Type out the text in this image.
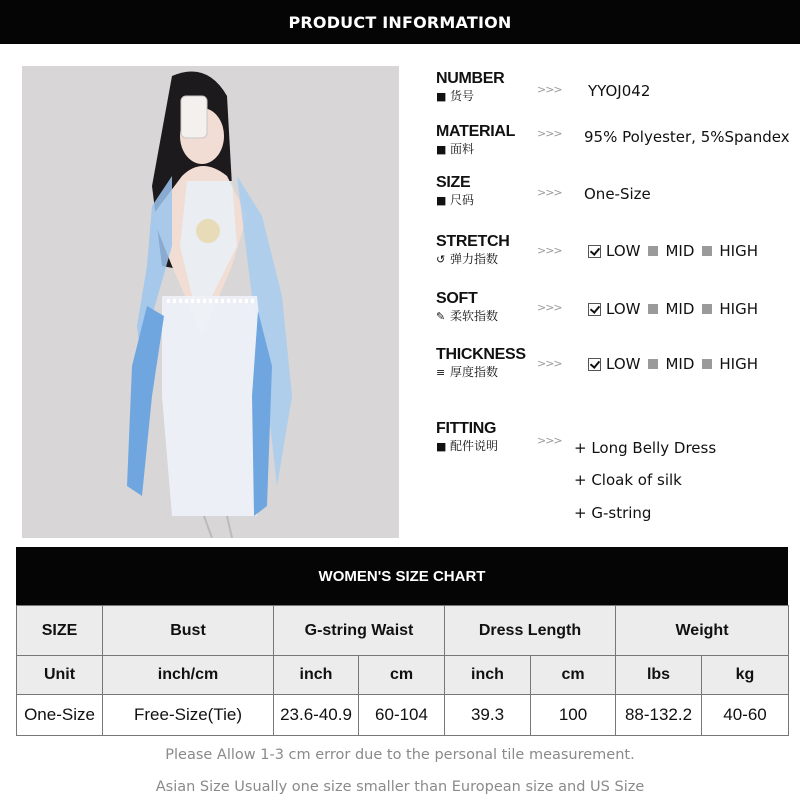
PRODUCT INFORMATION
NUMBER
■ 货号	>>> YYOJ042
MATERIAL
■ 面料
>>> 95% Polyester, 5%Spandex
SIZE
■ 尺码
>>> One-Size
STRETCH
↺ 弹力指数
>>>	LOW MID HIGH
SOFT
✎ 柔软指数
>>>	LOW MID HIGH
THICKNESS
≡ 厚度指数
>>>	LOW MID HIGH
FITTING
■ 配件说明	>>> + Long Belly Dress
+ Cloak of silk
+ G-string
WOMEN'S SIZE CHART
SIZE	Bust	G-string Waist		Dress Length		Weight	
Unit	inch/cm	inch	cm	inch	cm	lbs	kg
One-Size	Free-Size(Tie)	23.6-40.9	60-104	39.3	100	88-132.2	40-60
Please Allow 1-3 cm error due to the personal tile measurement.
Asian Size Usually one size smaller than European size and US Size
